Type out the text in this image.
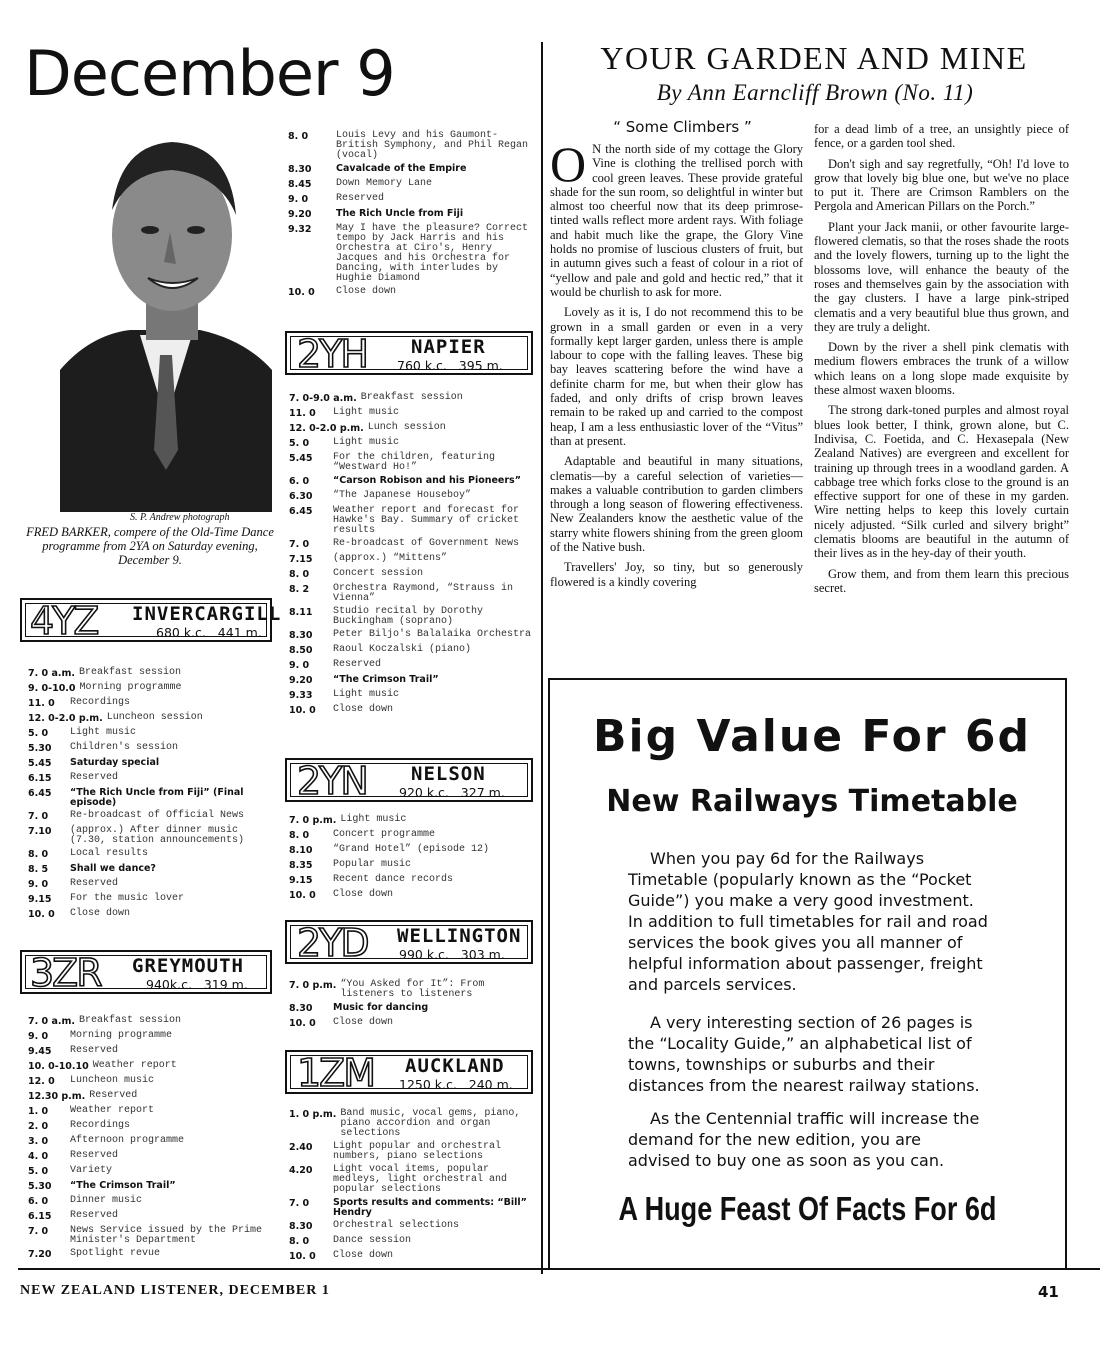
December 9
S. P. Andrew photograph
FRED BARKER, compere of the Old-Time Dance programme from 2YA on Saturday evening, December 9.
8. 0	Louis Levy and his Gaumont-British Symphony, and Phil Regan (vocal)
8.30	Cavalcade of the Empire
8.45	Down Memory Lane
9. 0	Reserved
9.20	The Rich Uncle from Fiji
9.32	May I have the pleasure? Correct tempo by Jack Harris and his Orchestra at Ciro's, Henry Jacques and his Orchestra for Dancing, with interludes by Hughie Diamond
10. 0	Close down
4YZ INVERCARGILL
680 k.c.   441 m.
7. 0 a.m. Breakfast session
9. 0-10.0 Morning programme
11. 0	Recordings
12. 0-2.0 p.m. Luncheon session
5. 0	Light music
5.30	Children's session
5.45	Saturday special
6.15	Reserved
6.45	“The Rich Uncle from Fiji” (Final episode)
7. 0	Re-broadcast of Official News
7.10	(approx.) After dinner music (7.30, station announcements)
8. 0	Local results
8. 5	Shall we dance?
9. 0	Reserved
9.15	For the music lover
10. 0	Close down
3ZR GREYMOUTH
940k.c.   319 m.
7. 0 a.m. Breakfast session
9. 0	Morning programme
9.45	Reserved
10. 0-10.10 Weather report
12. 0	Luncheon music
12.30 p.m. Reserved
1. 0	Weather report
2. 0	Recordings
3. 0	Afternoon programme
4. 0	Reserved
5. 0	Variety
5.30	“The Crimson Trail”
6. 0	Dinner music
6.15	Reserved
7. 0	News Service issued by the Prime Minister's Department
7.20	Spotlight revue
2YH NAPIER
760 k.c.   395 m.
7. 0-9.0 a.m. Breakfast session
11. 0	Light music
12. 0-2.0 p.m. Lunch session
5. 0	Light music
5.45	For the children, featuring “Westward Ho!”
6. 0	“Carson Robison and his Pioneers”
6.30	“The Japanese Houseboy”
6.45	Weather report and forecast for Hawke's Bay. Summary of cricket results
7. 0	Re-broadcast of Government News
7.15	(approx.) “Mittens”
8. 0	Concert session
8. 2	Orchestra Raymond, “Strauss in Vienna”
8.11	Studio recital by Dorothy Buckingham (soprano)
8.30	Peter Biljo's Balalaika Orchestra
8.50	Raoul Koczalski (piano)
9. 0	Reserved
9.20	“The Crimson Trail”
9.33	Light music
10. 0	Close down
2YN NELSON
920 k.c.   327 m.
7. 0 p.m. Light music
8. 0	Concert programme
8.10	“Grand Hotel” (episode 12)
8.35	Popular music
9.15	Recent dance records
10. 0	Close down
2YD WELLINGTON
990 k.c.   303 m.
7. 0 p.m. “You Asked for It”: From listeners to listeners
8.30	Music for dancing
10. 0	Close down
1ZM AUCKLAND
1250 k.c.   240 m.
1. 0 p.m. Band music, vocal gems, piano, piano accordion and organ selections
2.40	Light popular and orchestral numbers, piano selections
4.20	Light vocal items, popular medleys, light orchestral and popular selections
7. 0	Sports results and comments: “Bill” Hendry
8.30	Orchestral selections
8. 0	Dance session
10. 0	Close down
YOUR GARDEN AND MINE
By Ann Earncliff Brown (No. 11)
“ Some Climbers ”

O N the north side of my cottage the Glory Vine is clothing the trellised porch with cool green leaves. These provide grateful shade for the sun room, so delightful in winter but almost too cheerful now that its deep primrose-tinted walls reflect more ardent rays. With foliage and habit much like the grape, the Glory Vine holds no promise of luscious clusters of fruit, but in autumn gives such a feast of colour in a riot of “yellow and pale and gold and hectic red,” that it would be churlish to ask for more.

Lovely as it is, I do not recommend this to be grown in a small garden or even in a very formally kept larger garden, unless there is ample labour to cope with the falling leaves. These big bay leaves scattering before the wind have a definite charm for me, but when their glow has faded, and only drifts of crisp brown leaves remain to be raked up and carried to the compost heap, I am a less enthusiastic lover of the “Vitus” than at present.

Adaptable and beautiful in many situations, clematis—by a careful selection of varieties—makes a valuable contribution to garden climbers through a long season of flowering effectiveness. New Zealanders know the aesthetic value of the starry white flowers shining from the green gloom of the Native bush.

Travellers' Joy, so tiny, but so generously flowered is a kindly covering

for a dead limb of a tree, an unsightly piece of fence, or a garden tool shed.

Don't sigh and say regretfully, “Oh! I'd love to grow that lovely big blue one, but we've no place to put it. There are Crimson Ramblers on the Pergola and American Pillars on the Porch.”

Plant your Jack manii, or other favourite large-flowered clematis, so that the roses shade the roots and the lovely flowers, turning up to the light the blossoms love, will enhance the beauty of the roses and themselves gain by the association with the gay clusters. I have a large pink-striped clematis and a very beautiful blue thus grown, and they are truly a delight.

Down by the river a shell pink clematis with medium flowers embraces the trunk of a willow which leans on a long slope made exquisite by these almost waxen blooms.

The strong dark-toned purples and almost royal blues look better, I think, grown alone, but C. Indivisa, C. Foetida, and C. Hexasepala (New Zealand Natives) are evergreen and excellent for training up through trees in a woodland garden. A cabbage tree which forks close to the ground is an effective support for one of these in my garden. Wire netting helps to keep this lovely curtain nicely adjusted. “Silk curled and silvery bright” clematis blooms are beautiful in the autumn of their lives as in the hey-day of their youth.

Grow them, and from them learn this precious secret.

Big Value For 6d
New Railways Timetable
When you pay 6d for the Railways Timetable (popularly known as the “Pocket Guide”) you make a very good investment. In addition to full timetables for rail and road services the book gives you all manner of helpful information about passenger, freight and parcels services.
A very interesting section of 26 pages is the “Locality Guide,” an alphabetical list of towns, townships or suburbs and their distances from the nearest railway stations.
As the Centennial traffic will increase the demand for the new edition, you are advised to buy one as soon as you can.
A Huge Feast Of Facts For 6d
NEW ZEALAND LISTENER, DECEMBER 1	41
